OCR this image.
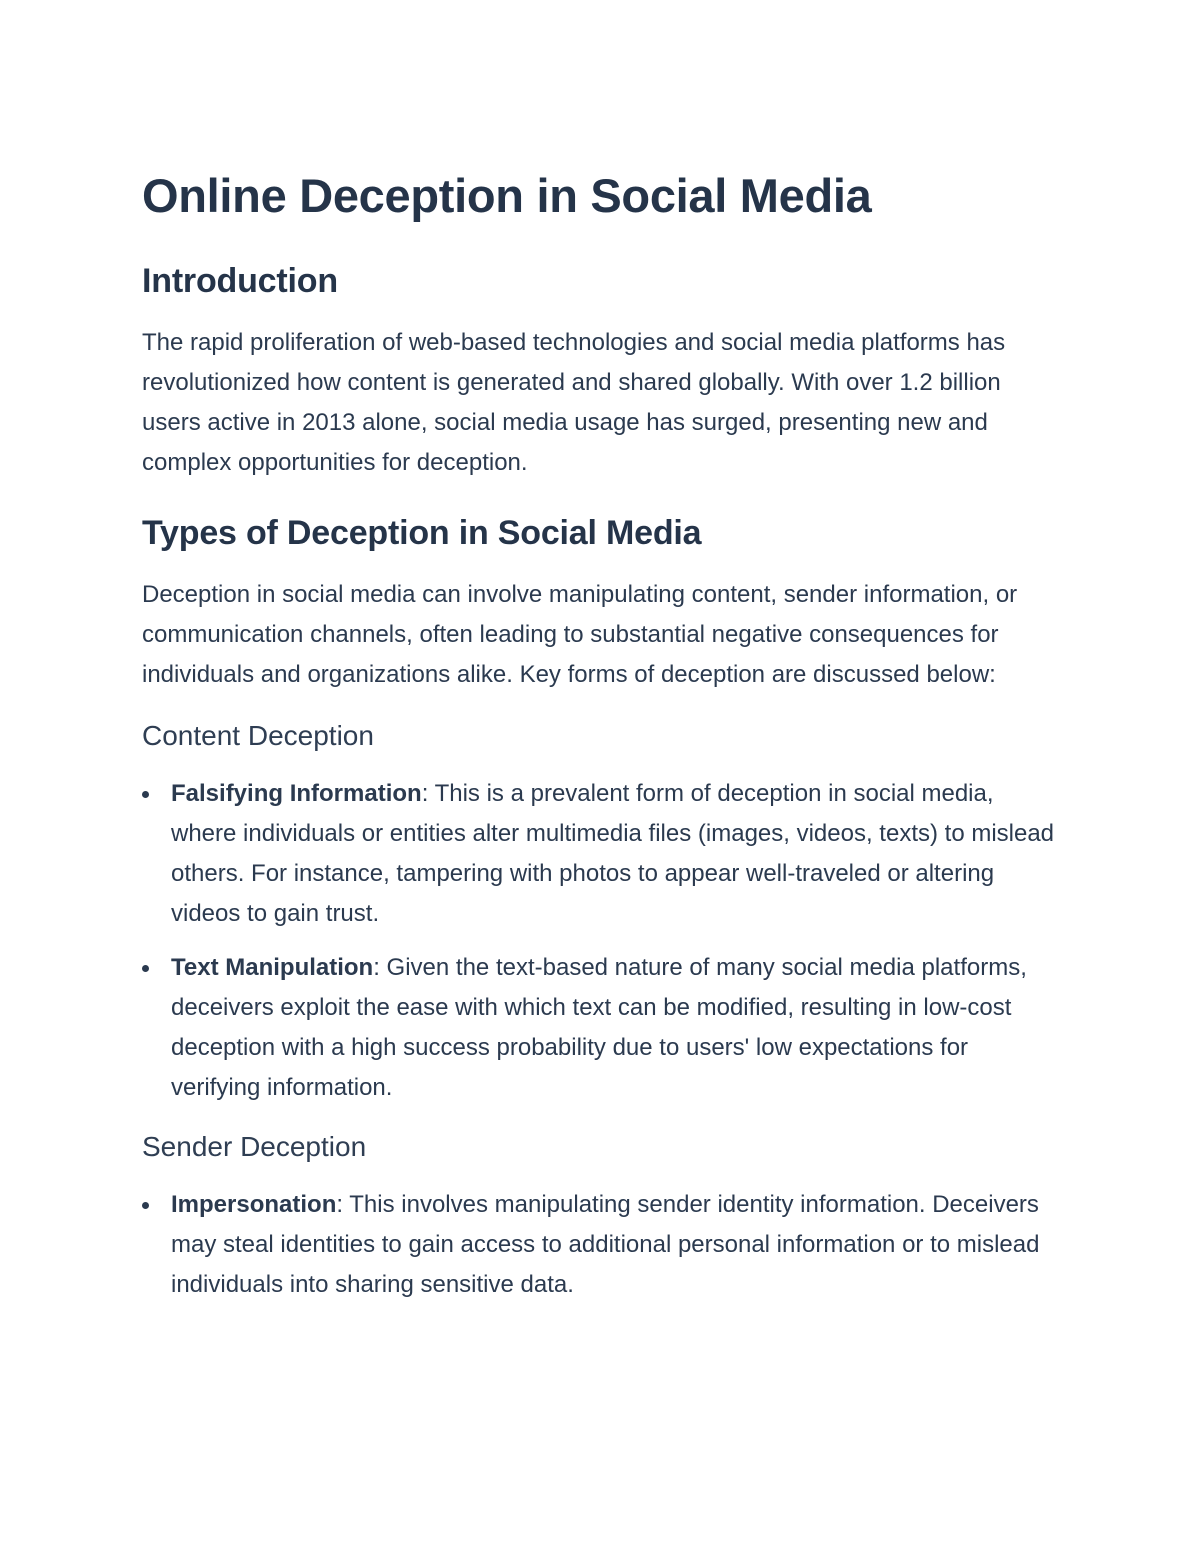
Online Deception in Social Media
Introduction

The rapid proliferation of web-based technologies and social media platforms has revolutionized how content is generated and shared globally. With over 1.2 billion users active in 2013 alone, social media usage has surged, presenting new and complex opportunities for deception.

Types of Deception in Social Media

Deception in social media can involve manipulating content, sender information, or communication channels, often leading to substantial negative consequences for individuals and organizations alike. Key forms of deception are discussed below:

Content Deception
Falsifying Information: This is a prevalent form of deception in social media, where individuals or entities alter multimedia files (images, videos, texts) to mislead others. For instance, tampering with photos to appear well-traveled or altering videos to gain trust.
Text Manipulation: Given the text-based nature of many social media platforms, deceivers exploit the ease with which text can be modified, resulting in low-cost deception with a high success probability due to users' low expectations for verifying information.
Sender Deception
Impersonation: This involves manipulating sender identity information. Deceivers may steal identities to gain access to additional personal information or to mislead individuals into sharing sensitive data.
